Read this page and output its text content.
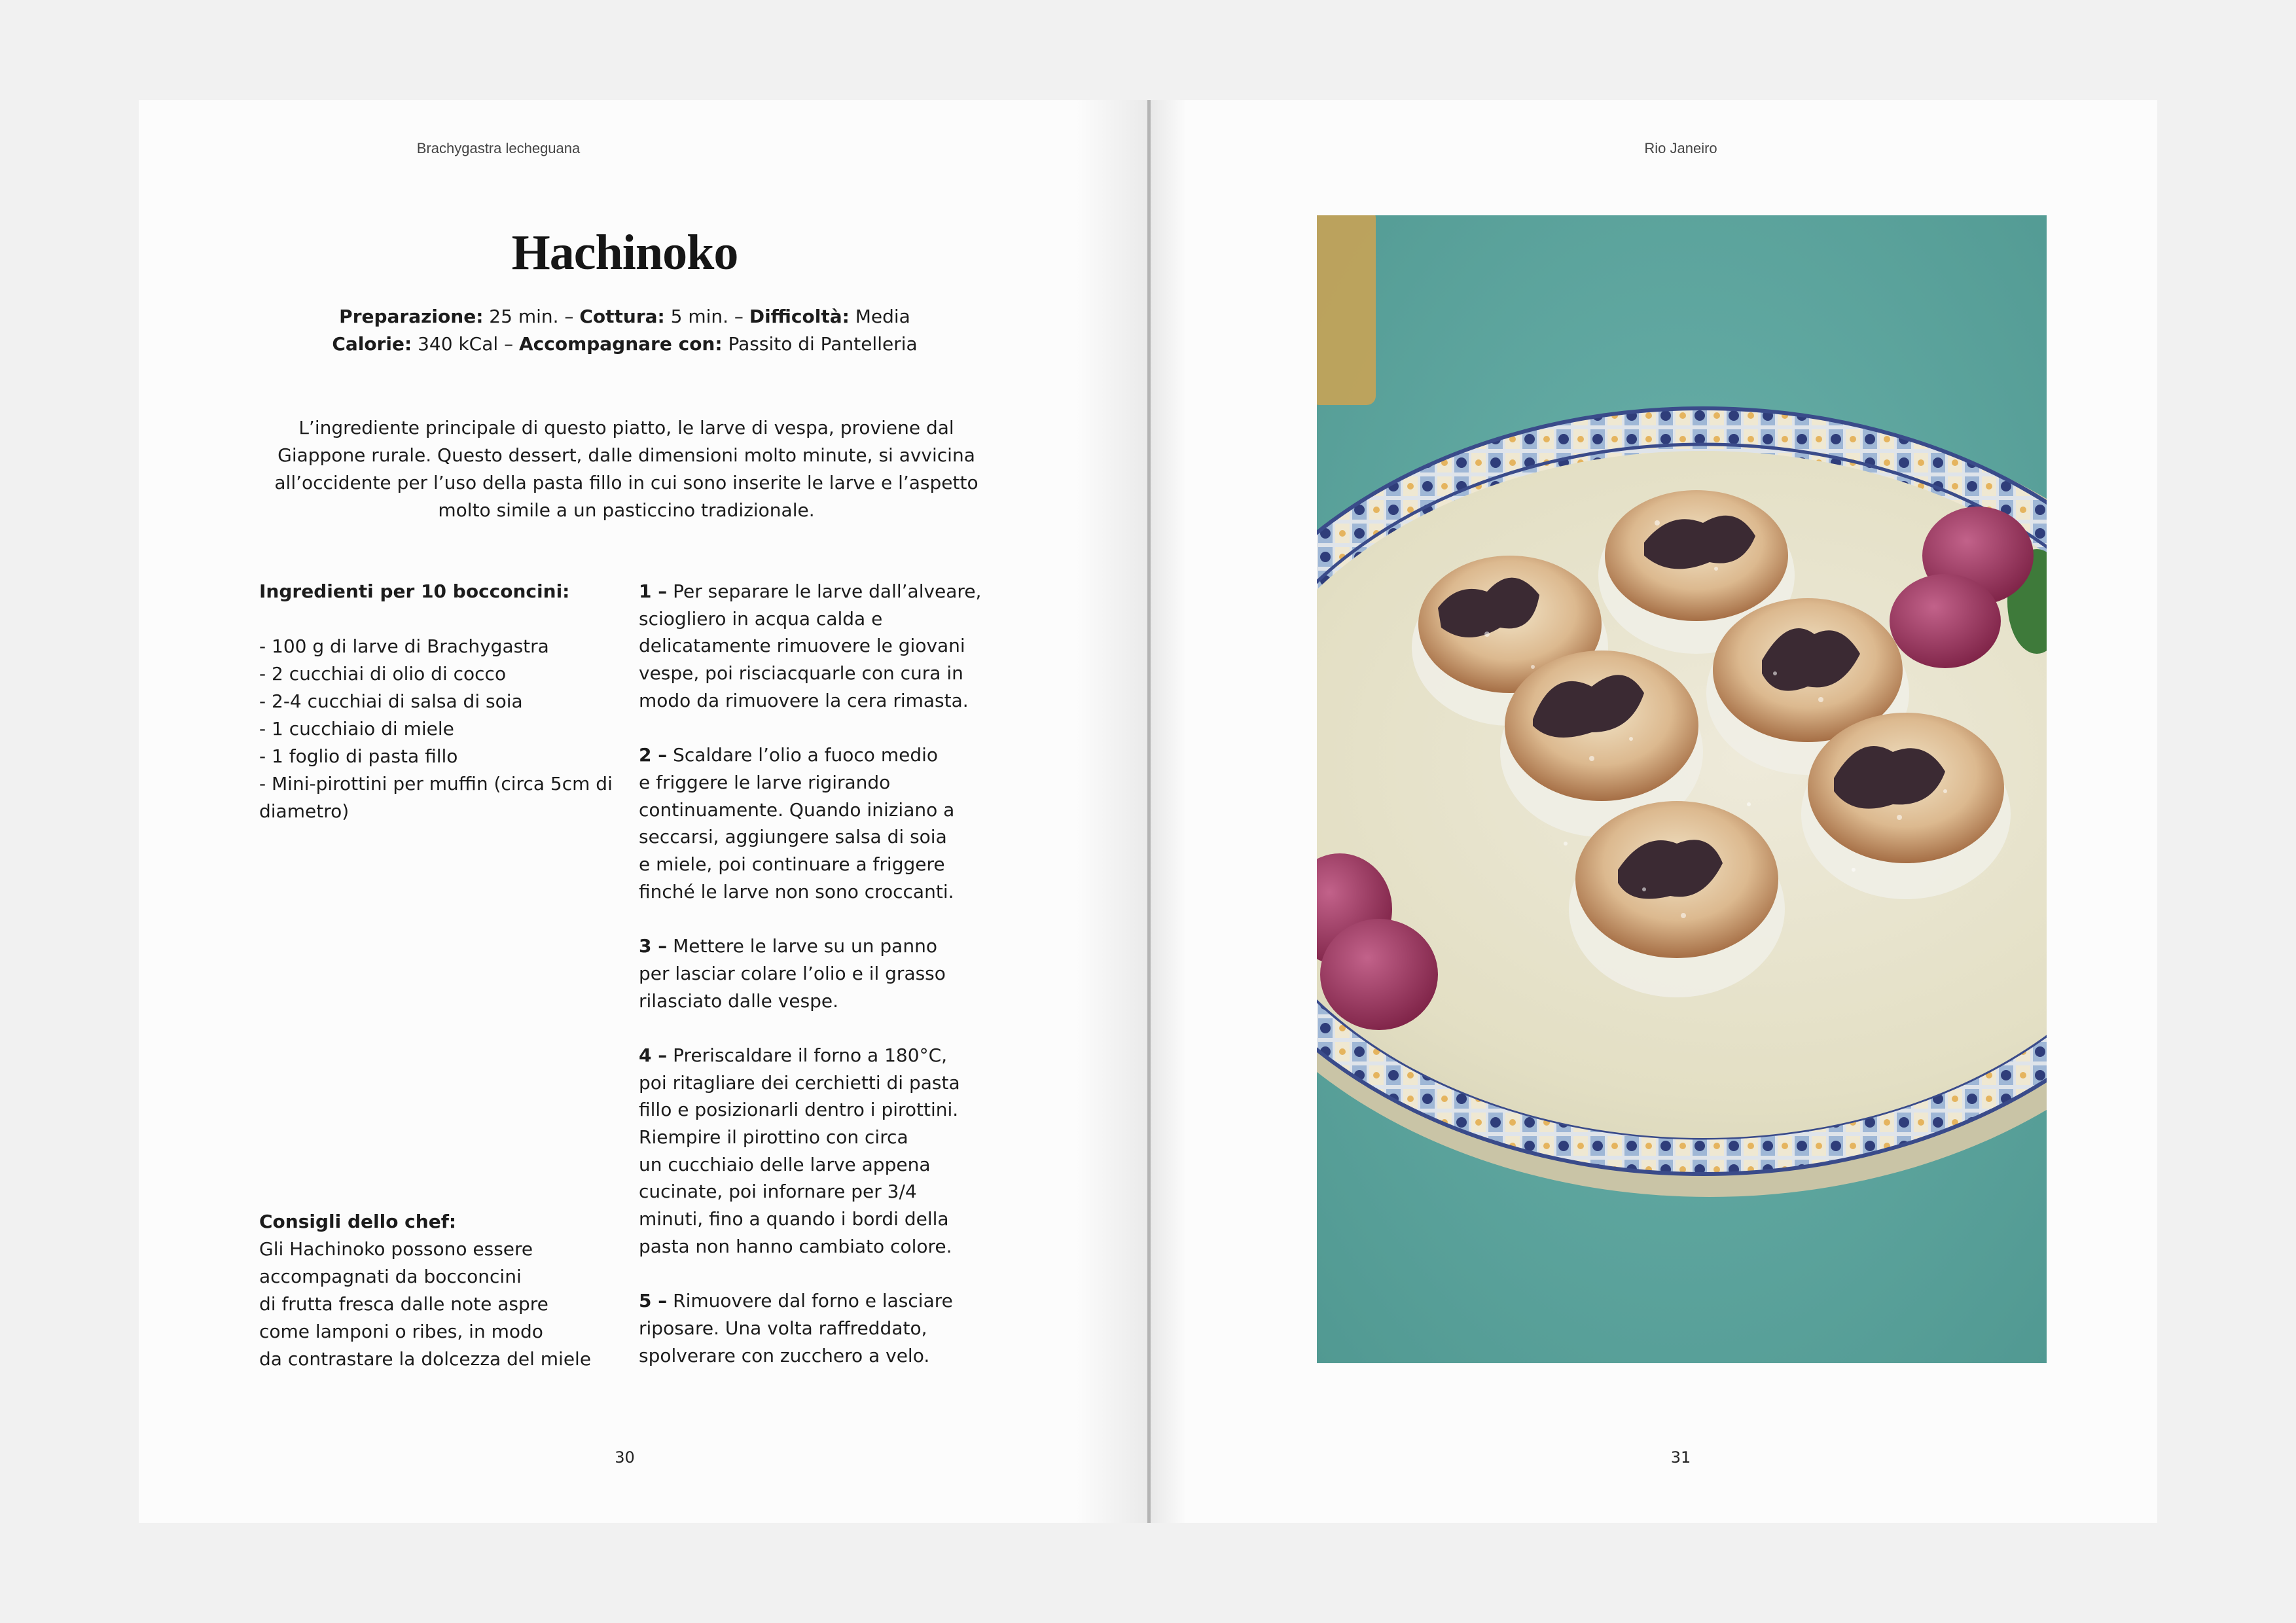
Brachygastra lecheguana
Hachinoko
Preparazione: 25 min. – Cottura: 5 min. – Difficoltà: Media
Calorie: 340 kCal – Accompagnare con: Passito di Pantelleria

L’ingrediente principale di questo piatto, le larve di vespa, proviene dal Giappone rurale. Questo dessert, dalle dimensioni molto minute, si avvicina all’occidente per l’uso della pasta fillo in cui sono inserite le larve e l’aspetto molto simile a un pasticcino tradizionale.

Ingredienti per 10 bocconcini:
- 100 g di larve di Brachygastra
- 2 cucchiai di olio di cocco
- 2-4 cucchiai di salsa di soia
- 1 cucchiaio di miele
- 1 foglio di pasta fillo
- Mini-pirottini per muffin (circa 5cm di diametro)
Consigli dello chef:
Gli Hachinoko possono essere
accompagnati da bocconcini
di frutta fresca dalle note aspre
come lamponi o ribes, in modo
da contrastare la dolcezza del miele

1 – Per separare le larve dall’alveare,
sciogliero in acqua calda e
delicatamente rimuovere le giovani
vespe, poi risciacquarle con cura in
modo da rimuovere la cera rimasta.

2 – Scaldare l’olio a fuoco medio
e friggere le larve rigirando
continuamente. Quando iniziano a
seccarsi, aggiungere salsa di soia
e miele, poi continuare a friggere
finché le larve non sono croccanti.

3 – Mettere le larve su un panno
per lasciar colare l’olio e il grasso
rilasciato dalle vespe.

4 – Preriscaldare il forno a 180°C,
poi ritagliare dei cerchietti di pasta
fillo e posizionarli dentro i pirottini.
Riempire il pirottino con circa
un cucchiaio delle larve appena
cucinate, poi infornare per 3/4
minuti, fino a quando i bordi della
pasta non hanno cambiato colore.

5 – Rimuovere dal forno e lasciare
riposare. Una volta raffreddato,
spolverare con zucchero a velo.

30
Rio Janeiro
31
